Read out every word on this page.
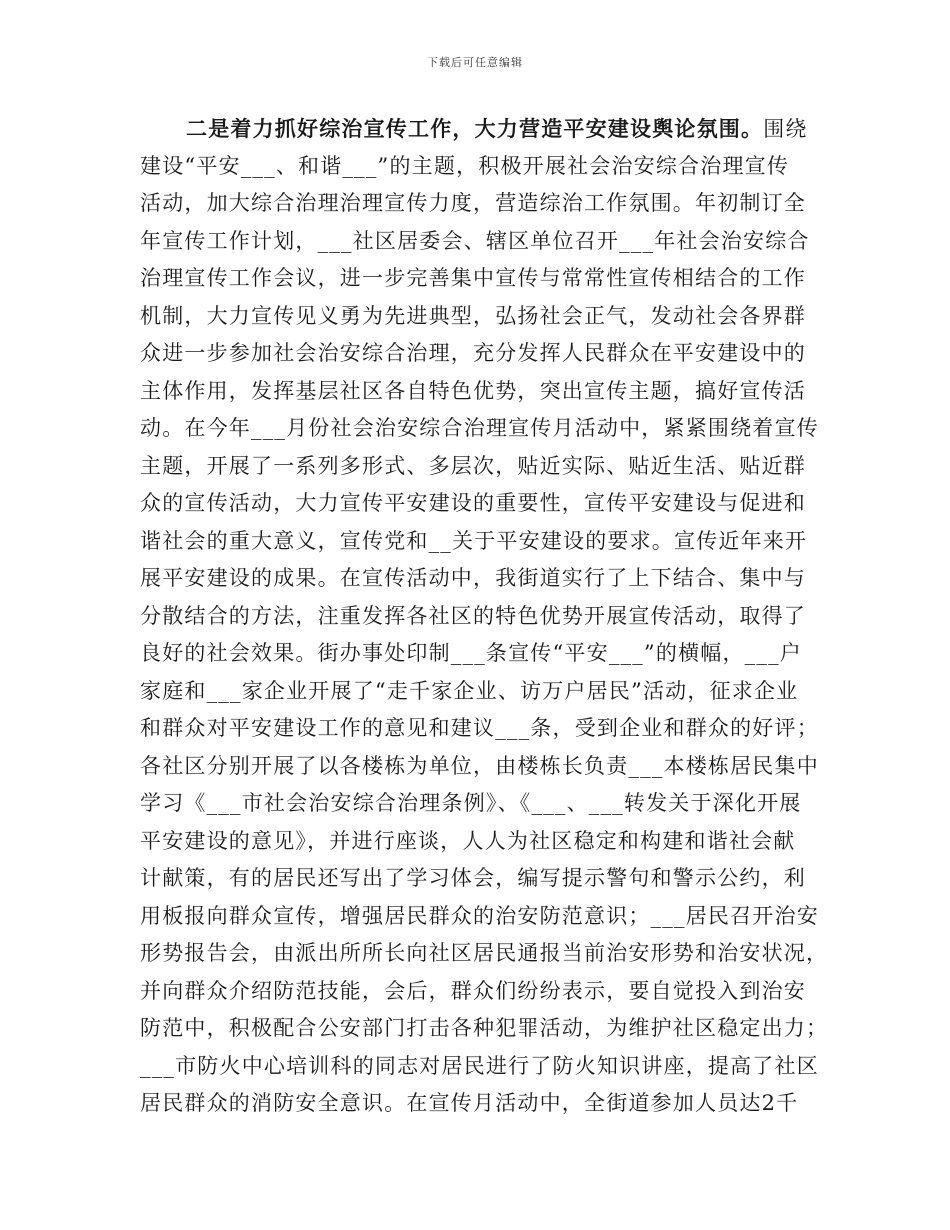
下载后可任意编辑
二是着力抓好综治宣传工作，大力营造平安建设舆论氛围。围绕
建设“平安___、和谐___”的主题，积极开展社会治安综合治理宣传
活动，加大综合治理治理宣传力度，营造综治工作氛围。年初制订全
年宣传工作计划，___社区居委会、辖区单位召开___年社会治安综合
治理宣传工作会议，进一步完善集中宣传与常常性宣传相结合的工作
机制，大力宣传见义勇为先进典型，弘扬社会正气，发动社会各界群
众进一步参加社会治安综合治理，充分发挥人民群众在平安建设中的
主体作用，发挥基层社区各自特色优势，突出宣传主题，搞好宣传活
动。在今年___月份社会治安综合治理宣传月活动中，紧紧围绕着宣传
主题，开展了一系列多形式、多层次，贴近实际、贴近生活、贴近群
众的宣传活动，大力宣传平安建设的重要性，宣传平安建设与促进和
谐社会的重大意义，宣传党和__关于平安建设的要求。宣传近年来开
展平安建设的成果。在宣传活动中，我街道实行了上下结合、集中与
分散结合的方法，注重发挥各社区的特色优势开展宣传活动，取得了
良好的社会效果。街办事处印制___条宣传“平安___”的横幅，___户
家庭和___家企业开展了“走千家企业、访万户居民”活动，征求企业
和群众对平安建设工作的意见和建议___条，受到企业和群众的好评；
各社区分别开展了以各楼栋为单位，由楼栋长负责___本楼栋居民集中
学习《___市社会治安综合治理条例》、《___、___转发关于深化开展
平安建设的意见》，并进行座谈，人人为社区稳定和构建和谐社会献
计献策，有的居民还写出了学习体会，编写提示警句和警示公约，利
用板报向群众宣传，增强居民群众的治安防范意识；___居民召开治安
形势报告会，由派出所所长向社区居民通报当前治安形势和治安状况，
并向群众介绍防范技能，会后，群众们纷纷表示，要自觉投入到治安
防范中，积极配合公安部门打击各种犯罪活动，为维护社区稳定出力；
___市防火中心培训科的同志对居民进行了防火知识讲座，提高了社区
居民群众的消防安全意识。在宣传月活动中，全街道参加人员达2千
